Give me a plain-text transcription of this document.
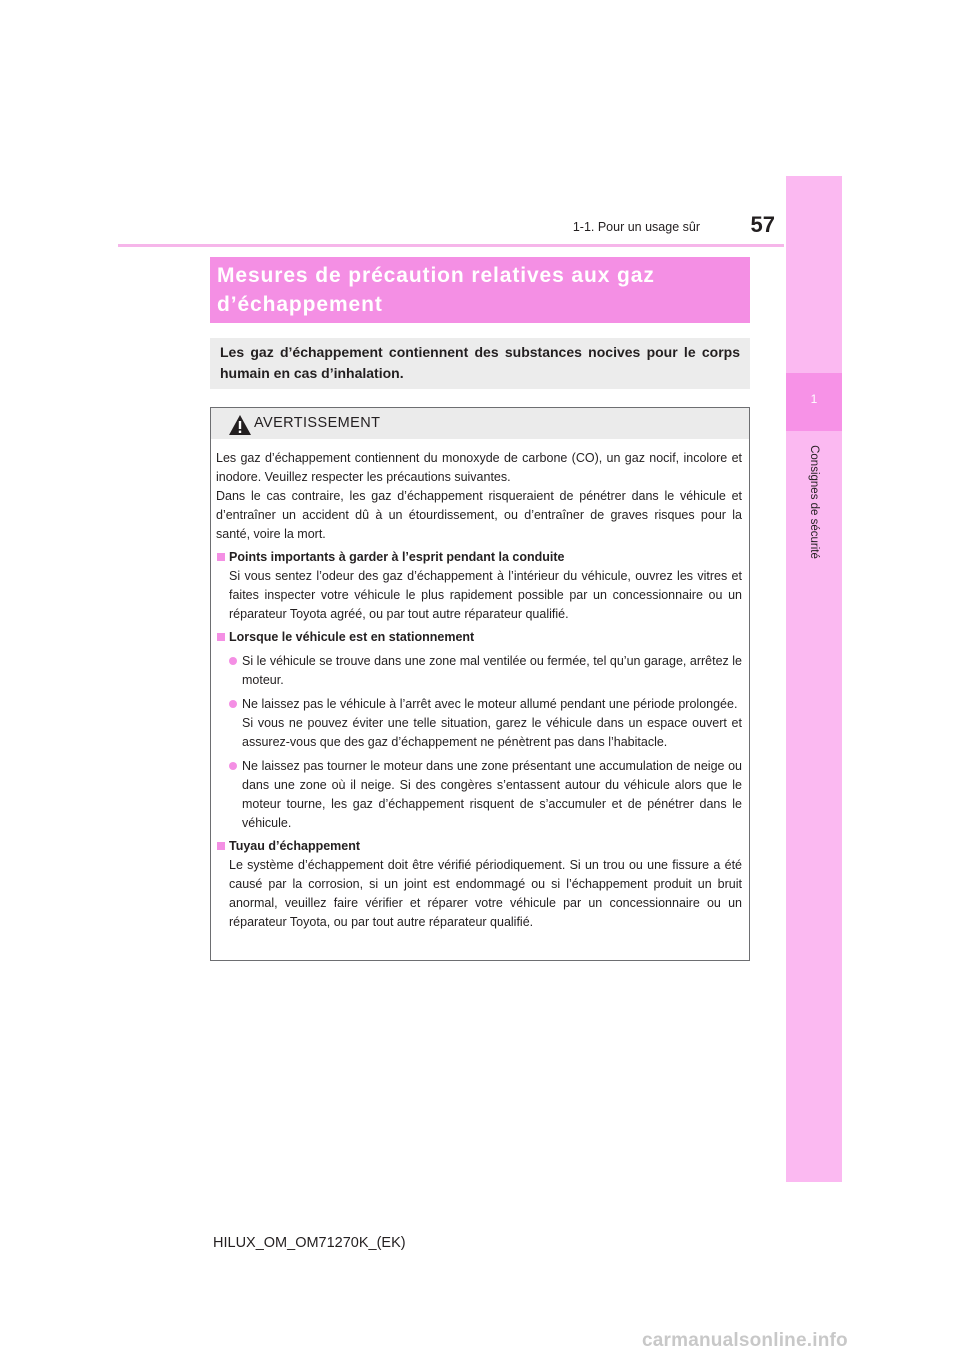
1-1. Pour un usage sûr	57
1
Consignes de sécurité
Mesures de précaution relatives aux gaz
d’échappement
Les gaz d’échappement contiennent des substances nocives pour le corps humain en cas d’inhalation.
AVERTISSEMENT

Les gaz d’échappement contiennent du monoxyde de carbone (CO), un gaz nocif, incolore et inodore. Veuillez respecter les précautions suivantes.

Dans le cas contraire, les gaz d’échappement risqueraient de pénétrer dans le véhicule et d’entraîner un accident dû à un étourdissement, ou d’entraîner de graves risques pour la santé, voire la mort.

Points importants à garder à l’esprit pendant la conduite

Si vous sentez l’odeur des gaz d’échappement à l’intérieur du véhicule, ouvrez les vitres et faites inspecter votre véhicule le plus rapidement possible par un concessionnaire ou un réparateur Toyota agréé, ou par tout autre réparateur qualifié.

Lorsque le véhicule est en stationnement
Si le véhicule se trouve dans une zone mal ventilée ou fermée, tel qu’un garage, arrêtez le moteur.
Ne laissez pas le véhicule à l’arrêt avec le moteur allumé pendant une période prolongée.
Si vous ne pouvez éviter une telle situation, garez le véhicule dans un espace ouvert et assurez-vous que des gaz d’échappement ne pénètrent pas dans l’habitacle.
Ne laissez pas tourner le moteur dans une zone présentant une accumulation de neige ou dans une zone où il neige. Si des congères s’entassent autour du véhicule alors que le moteur tourne, les gaz d’échappement risquent de s’accumuler et de pénétrer dans le véhicule.
Tuyau d’échappement

Le système d’échappement doit être vérifié périodiquement. Si un trou ou une fissure a été causé par la corrosion, si un joint est endommagé ou si l’échappement produit un bruit anormal, veuillez faire vérifier et réparer votre véhicule par un concessionnaire ou un réparateur Toyota, ou par tout autre réparateur qualifié.

HILUX_OM_OM71270K_(EK)
carmanualsonline.info
